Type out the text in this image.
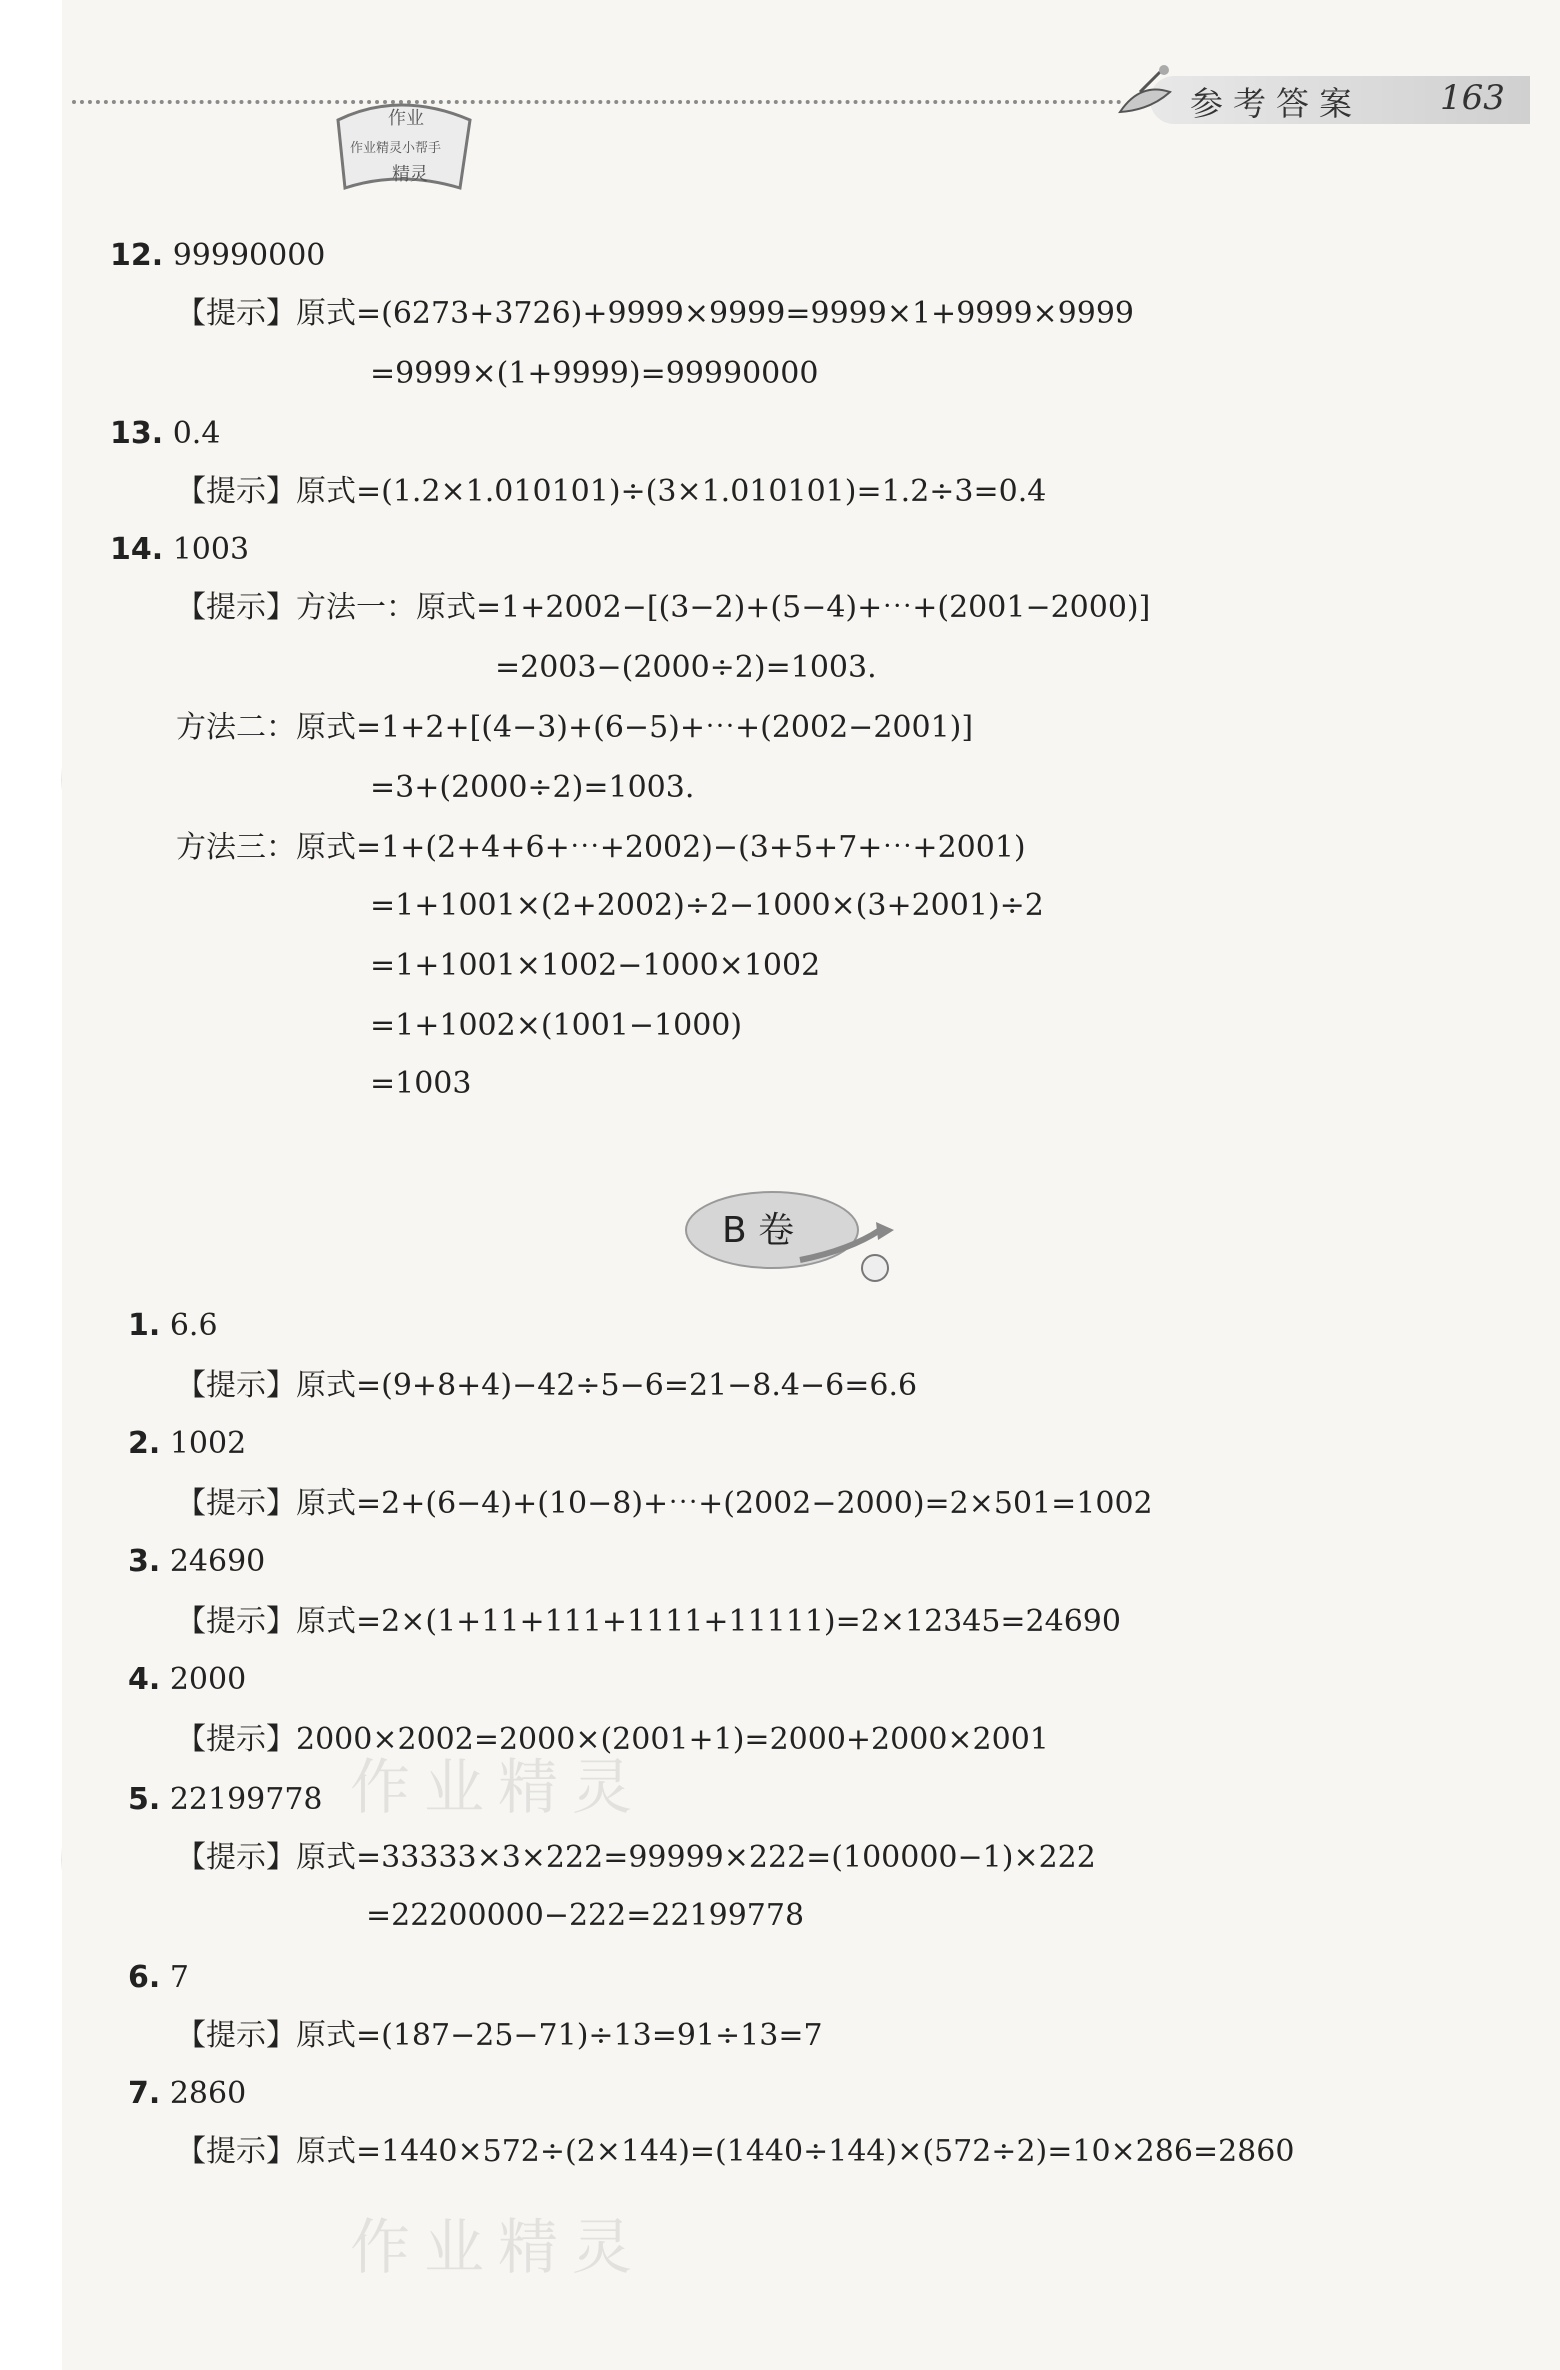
参考答案 163
作业
作业精灵小帮手
精灵
12. 99990000
【提示】原式=(6273+3726)+9999×9999=9999×1+9999×9999
=9999×(1+9999)=99990000
13. 0.4
【提示】原式=(1.2×1.010101)÷(3×1.010101)=1.2÷3=0.4
14. 1003
【提示】方法一：原式=1+2002−[(3−2)+(5−4)+⋯+(2001−2000)]
=2003−(2000÷2)=1003.
方法二：原式=1+2+[(4−3)+(6−5)+⋯+(2002−2001)]
=3+(2000÷2)=1003.
方法三：原式=1+(2+4+6+⋯+2002)−(3+5+7+⋯+2001)
=1+1001×(2+2002)÷2−1000×(3+2001)÷2
=1+1001×1002−1000×1002
=1+1002×(1001−1000)
=1003
1. 6.6
【提示】原式=(9+8+4)−42÷5−6=21−8.4−6=6.6
2. 1002
【提示】原式=2+(6−4)+(10−8)+⋯+(2002−2000)=2×501=1002
3. 24690
【提示】原式=2×(1+11+111+1111+11111)=2×12345=24690
4. 2000
【提示】2000×2002=2000×(2001+1)=2000+2000×2001
5. 22199778
【提示】原式=33333×3×222=99999×222=(100000−1)×222
=22200000−222=22199778
6. 7
【提示】原式=(187−25−71)÷13=91÷13=7
7. 2860
【提示】原式=1440×572÷(2×144)=(1440÷144)×(572÷2)=10×286=2860
B 卷
作业精灵
作业精灵
